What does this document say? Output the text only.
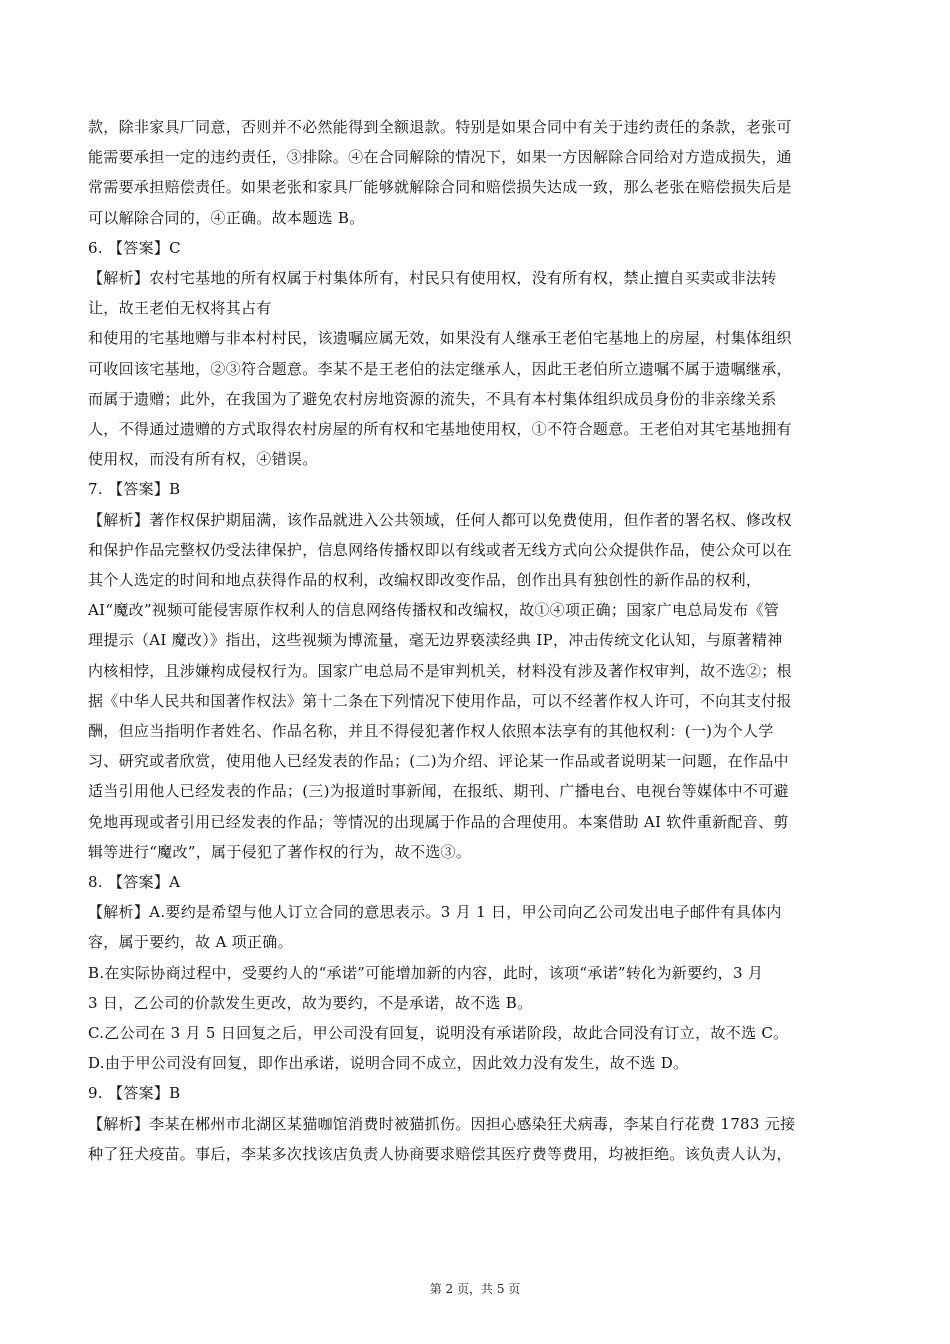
款，除非家具厂同意，否则并不必然能得到全额退款。特别是如果合同中有关于违约责任的条款，老张可
能需要承担一定的违约责任，③排除。④在合同解除的情况下，如果一方因解除合同给对方造成损失，通
常需要承担赔偿责任。如果老张和家具厂能够就解除合同和赔偿损失达成一致，那么老张在赔偿损失后是
可以解除合同的，④正确。故本题选 B。
6. 【答案】C
【解析】农村宅基地的所有权属于村集体所有，村民只有使用权，没有所有权，禁止擅自买卖或非法转
让，故王老伯无权将其占有
和使用的宅基地赠与非本村村民，该遗嘱应属无效，如果没有人继承王老伯宅基地上的房屋，村集体组织
可收回该宅基地，②③符合题意。李某不是王老伯的法定继承人，因此王老伯所立遗嘱不属于遗嘱继承，
而属于遗赠；此外，在我国为了避免农村房地资源的流失，不具有本村集体组织成员身份的非亲缘关系
人，不得通过遗赠的方式取得农村房屋的所有权和宅基地使用权，①不符合题意。王老伯对其宅基地拥有
使用权，而没有所有权，④错误。
7. 【答案】B
【解析】著作权保护期届满，该作品就进入公共领域，任何人都可以免费使用，但作者的署名权、修改权
和保护作品完整权仍受法律保护，信息网络传播权即以有线或者无线方式向公众提供作品，使公众可以在
其个人选定的时间和地点获得作品的权利，改编权即改变作品，创作出具有独创性的新作品的权利，
AI“魔改”视频可能侵害原作权利人的信息网络传播权和改编权，故①④项正确；国家广电总局发布《管
理提示（AI 魔改）》指出，这些视频为博流量，毫无边界亵渎经典 IP，冲击传统文化认知，与原著精神
内核相悖，且涉嫌构成侵权行为。国家广电总局不是审判机关，材料没有涉及著作权审判，故不选②；根
据《中华人民共和国著作权法》第十二条在下列情况下使用作品，可以不经著作权人许可，不向其支付报
酬，但应当指明作者姓名、作品名称，并且不得侵犯著作权人依照本法享有的其他权利：(一)为个人学
习、研究或者欣赏，使用他人已经发表的作品；(二)为介绍、评论某一作品或者说明某一问题，在作品中
适当引用他人已经发表的作品；(三)为报道时事新闻，在报纸、期刊、广播电台、电视台等媒体中不可避
免地再现或者引用已经发表的作品；等情况的出现属于作品的合理使用。本案借助 AI 软件重新配音、剪
辑等进行“魔改”，属于侵犯了著作权的行为，故不选③。
8. 【答案】A
【解析】A.要约是希望与他人订立合同的意思表示。3 月 1 日，甲公司向乙公司发出电子邮件有具体内
容，属于要约，故 A 项正确。
B.在实际协商过程中，受要约人的“承诺”可能增加新的内容，此时，该项“承诺”转化为新要约，3 月
3 日，乙公司的价款发生更改，故为要约，不是承诺，故不选 B。
C.乙公司在 3 月 5 日回复之后，甲公司没有回复，说明没有承诺阶段，故此合同没有订立，故不选 C。
D.由于甲公司没有回复，即作出承诺，说明合同不成立，因此效力没有发生，故不选 D。
9. 【答案】B
【解析】李某在郴州市北湖区某猫咖馆消费时被猫抓伤。因担心感染狂犬病毒，李某自行花费 1783 元接
种了狂犬疫苗。事后，李某多次找该店负责人协商要求赔偿其医疗费等费用，均被拒绝。该负责人认为，
第 2 页，共 5 页
